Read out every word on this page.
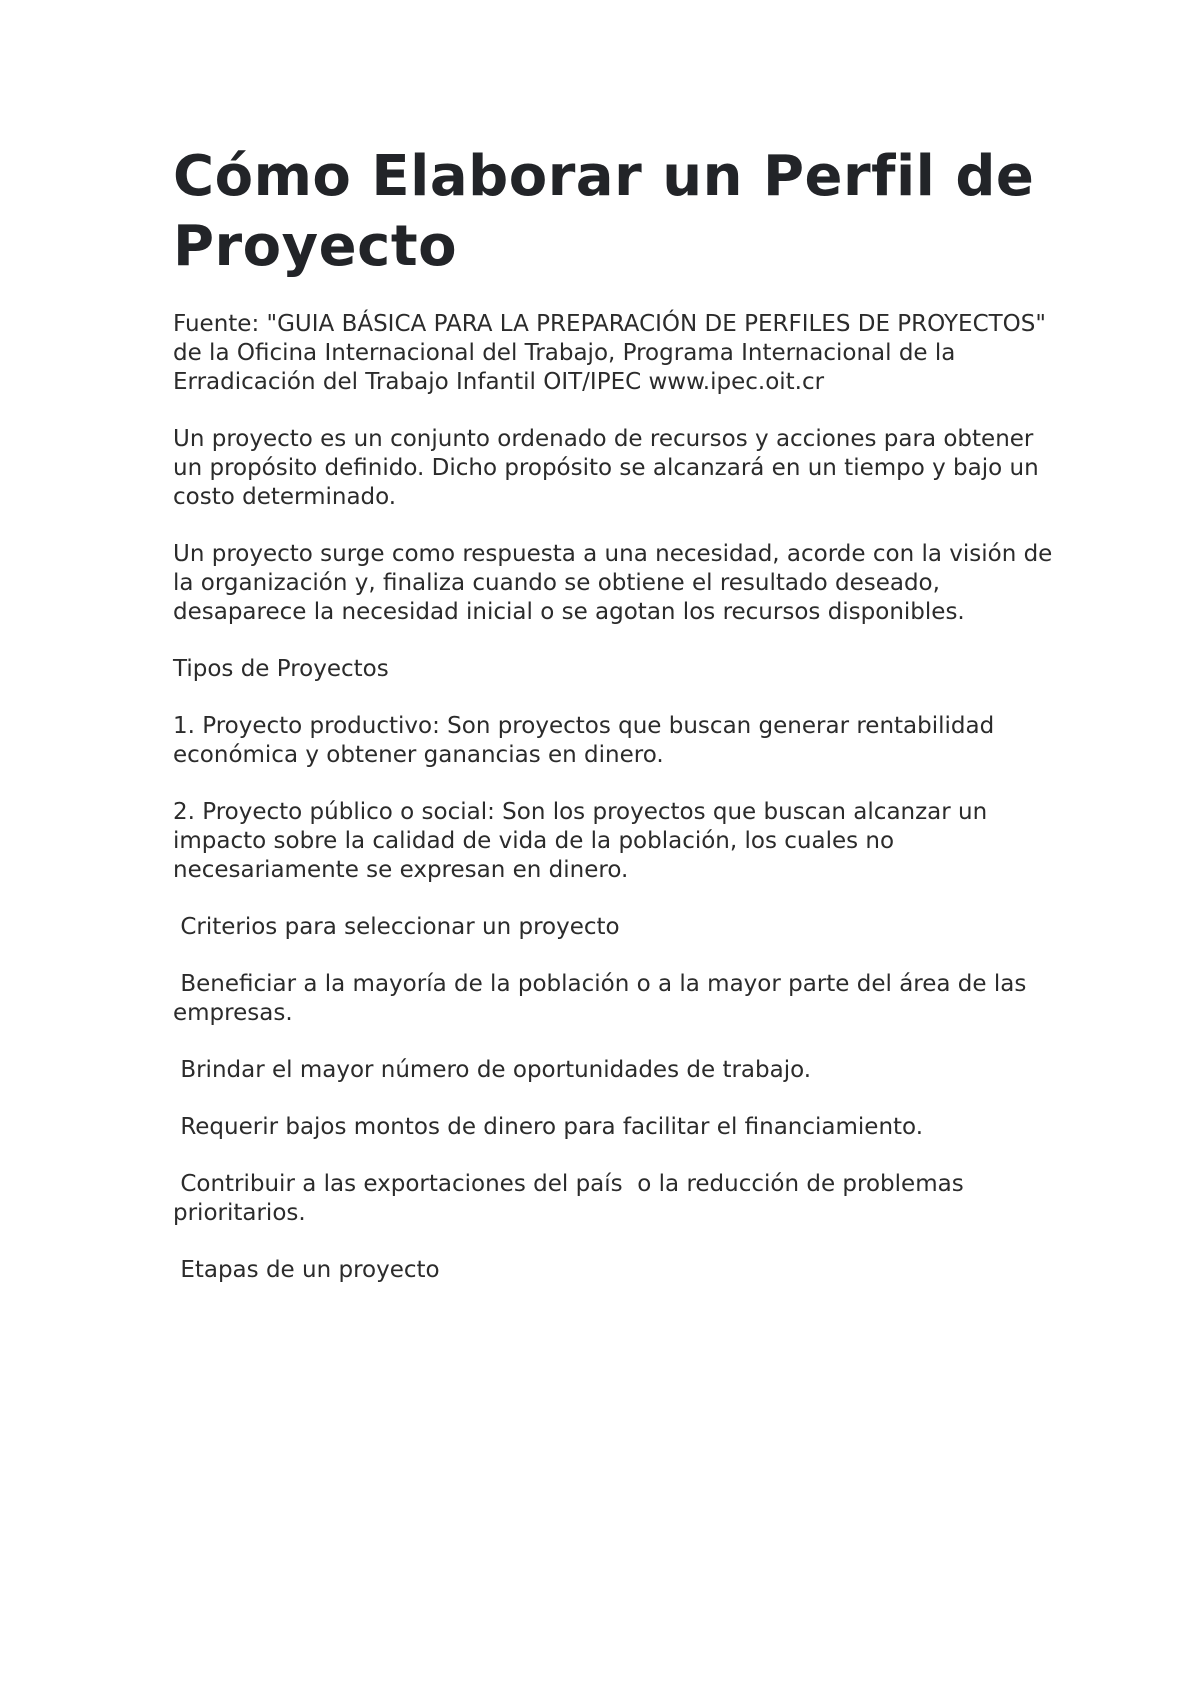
Cómo Elaborar un Perfil de Proyecto

Fuente: "GUIA BÁSICA PARA LA PREPARACIÓN DE PERFILES DE PROYECTOS" de la Oficina Internacional del Trabajo, Programa Internacional de la Erradicación del Trabajo Infantil OIT/IPEC www.ipec.oit.cr

Un proyecto es un conjunto ordenado de recursos y acciones para obtener un propósito definido. Dicho propósito se alcanzará en un tiempo y bajo un costo determinado.

Un proyecto surge como respuesta a una necesidad, acorde con la visión de la organización y, finaliza cuando se obtiene el resultado deseado, desaparece la necesidad inicial o se agotan los recursos disponibles.

Tipos de Proyectos

1. Proyecto productivo: Son proyectos que buscan generar rentabilidad económica y obtener ganancias en dinero.

2. Proyecto público o social: Son los proyectos que buscan alcanzar un impacto sobre la calidad de vida de la población, los cuales no necesariamente se expresan en dinero.

Criterios para seleccionar un proyecto

Beneficiar a la mayoría de la población o a la mayor parte del área de las empresas.

Brindar el mayor número de oportunidades de trabajo.

Requerir bajos montos de dinero para facilitar el financiamiento.

Contribuir a las exportaciones del país  o la reducción de problemas prioritarios.

Etapas de un proyecto
